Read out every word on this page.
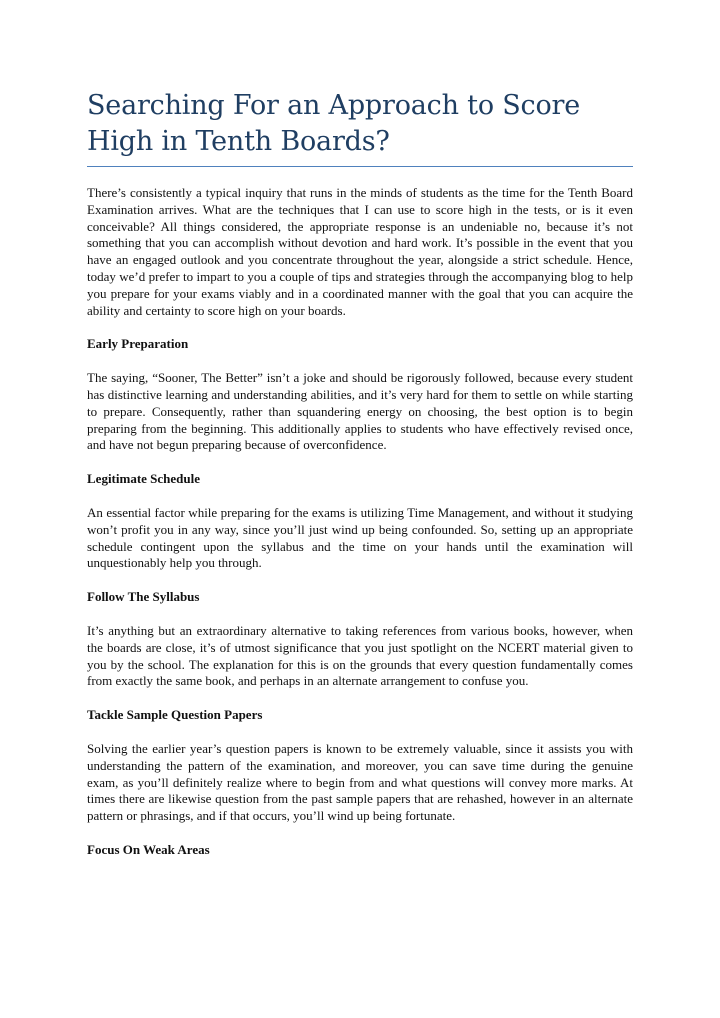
Searching For an Approach to Score
High in Tenth Boards?

There’s consistently a typical inquiry that runs in the minds of students as the time for the Tenth Board Examination arrives. What are the techniques that I can use to score high in the tests, or is it even conceivable? All things considered, the appropriate response is an undeniable no, because it’s not something that you can accomplish without devotion and hard work. It’s possible in the event that you have an engaged outlook and you concentrate throughout the year, alongside a strict schedule. Hence, today we’d prefer to impart to you a couple of tips and strategies through the accompanying blog to help you prepare for your exams viably and in a coordinated manner with the goal that you can acquire the ability and certainty to score high on your boards.

Early Preparation

The saying, “Sooner, The Better” isn’t a joke and should be rigorously followed, because every student has distinctive learning and understanding abilities, and it’s very hard for them to settle on while starting to prepare. Consequently, rather than squandering energy on choosing, the best option is to begin preparing from the beginning. This additionally applies to students who have effectively revised once, and have not begun preparing because of overconfidence.

Legitimate Schedule

An essential factor while preparing for the exams is utilizing Time Management, and without it studying won’t profit you in any way, since you’ll just wind up being confounded. So, setting up an appropriate schedule contingent upon the syllabus and the time on your hands until the examination will unquestionably help you through.

Follow The Syllabus

It’s anything but an extraordinary alternative to taking references from various books, however, when the boards are close, it’s of utmost significance that you just spotlight on the NCERT material given to you by the school. The explanation for this is on the grounds that every question fundamentally comes from exactly the same book, and perhaps in an alternate arrangement to confuse you.

Tackle Sample Question Papers

Solving the earlier year’s question papers is known to be extremely valuable, since it assists you with understanding the pattern of the examination, and moreover, you can save time during the genuine exam, as you’ll definitely realize where to begin from and what questions will convey more marks. At times there are likewise question from the past sample papers that are rehashed, however in an alternate pattern or phrasings, and if that occurs, you’ll wind up being fortunate.

Focus On Weak Areas
